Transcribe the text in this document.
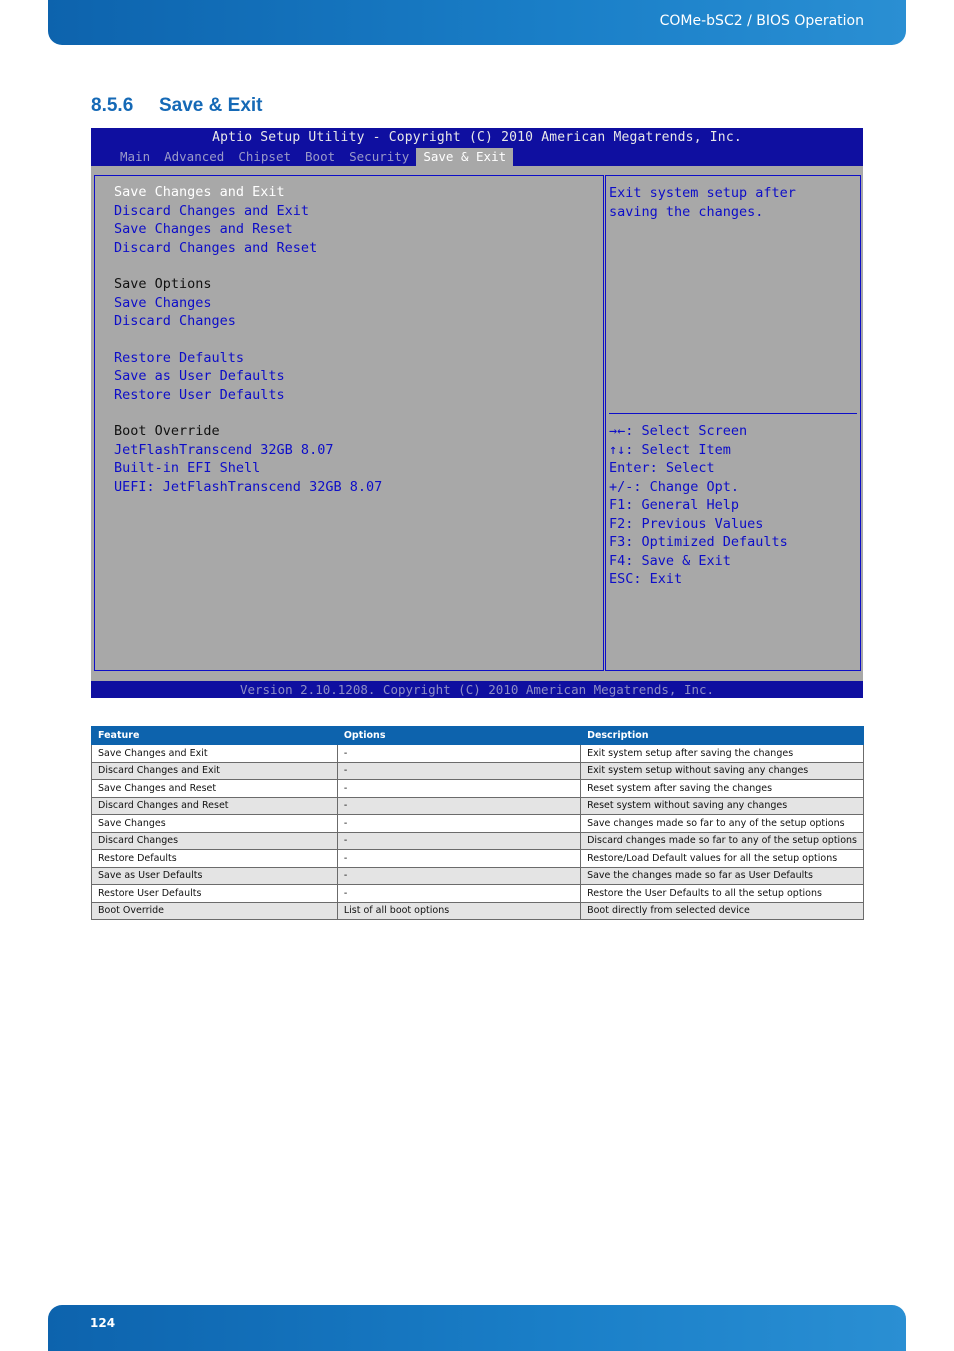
COMe-bSC2 / BIOS Operation
8.5.6 Save & Exit
Aptio Setup Utility - Copyright (C) 2010 American Megatrends, Inc.
Main	Advanced	Chipset	Boot	Security	Save & Exit
Save Changes and Exit
Discard Changes and Exit
Save Changes and Reset
Discard Changes and Reset
Save Options
Save Changes
Discard Changes
Restore Defaults
Save as User Defaults
Restore User Defaults
Boot Override
JetFlashTranscend 32GB 8.07
Built-in EFI Shell
UEFI: JetFlashTranscend 32GB 8.07
Exit system setup after saving the changes.
→←: Select Screen
↑↓: Select Item
Enter: Select
+/-: Change Opt.
F1: General Help
F2: Previous Values
F3: Optimized Defaults
F4: Save & Exit
ESC: Exit
Version 2.10.1208. Copyright (C) 2010 American Megatrends, Inc.
Feature	Options	Description
Save Changes and Exit	-	Exit system setup after saving the changes
Discard Changes and Exit	-	Exit system setup without saving any changes
Save Changes and Reset	-	Reset system after saving the changes
Discard Changes and Reset	-	Reset system without saving any changes
Save Changes	-	Save changes made so far to any of the setup options
Discard Changes	-	Discard changes made so far to any of the setup options
Restore Defaults	-	Restore/Load Default values for all the setup options
Save as User Defaults	-	Save the changes made so far as User Defaults
Restore User Defaults	-	Restore the User Defaults to all the setup options
Boot Override	List of all boot options	Boot directly from selected device
124
